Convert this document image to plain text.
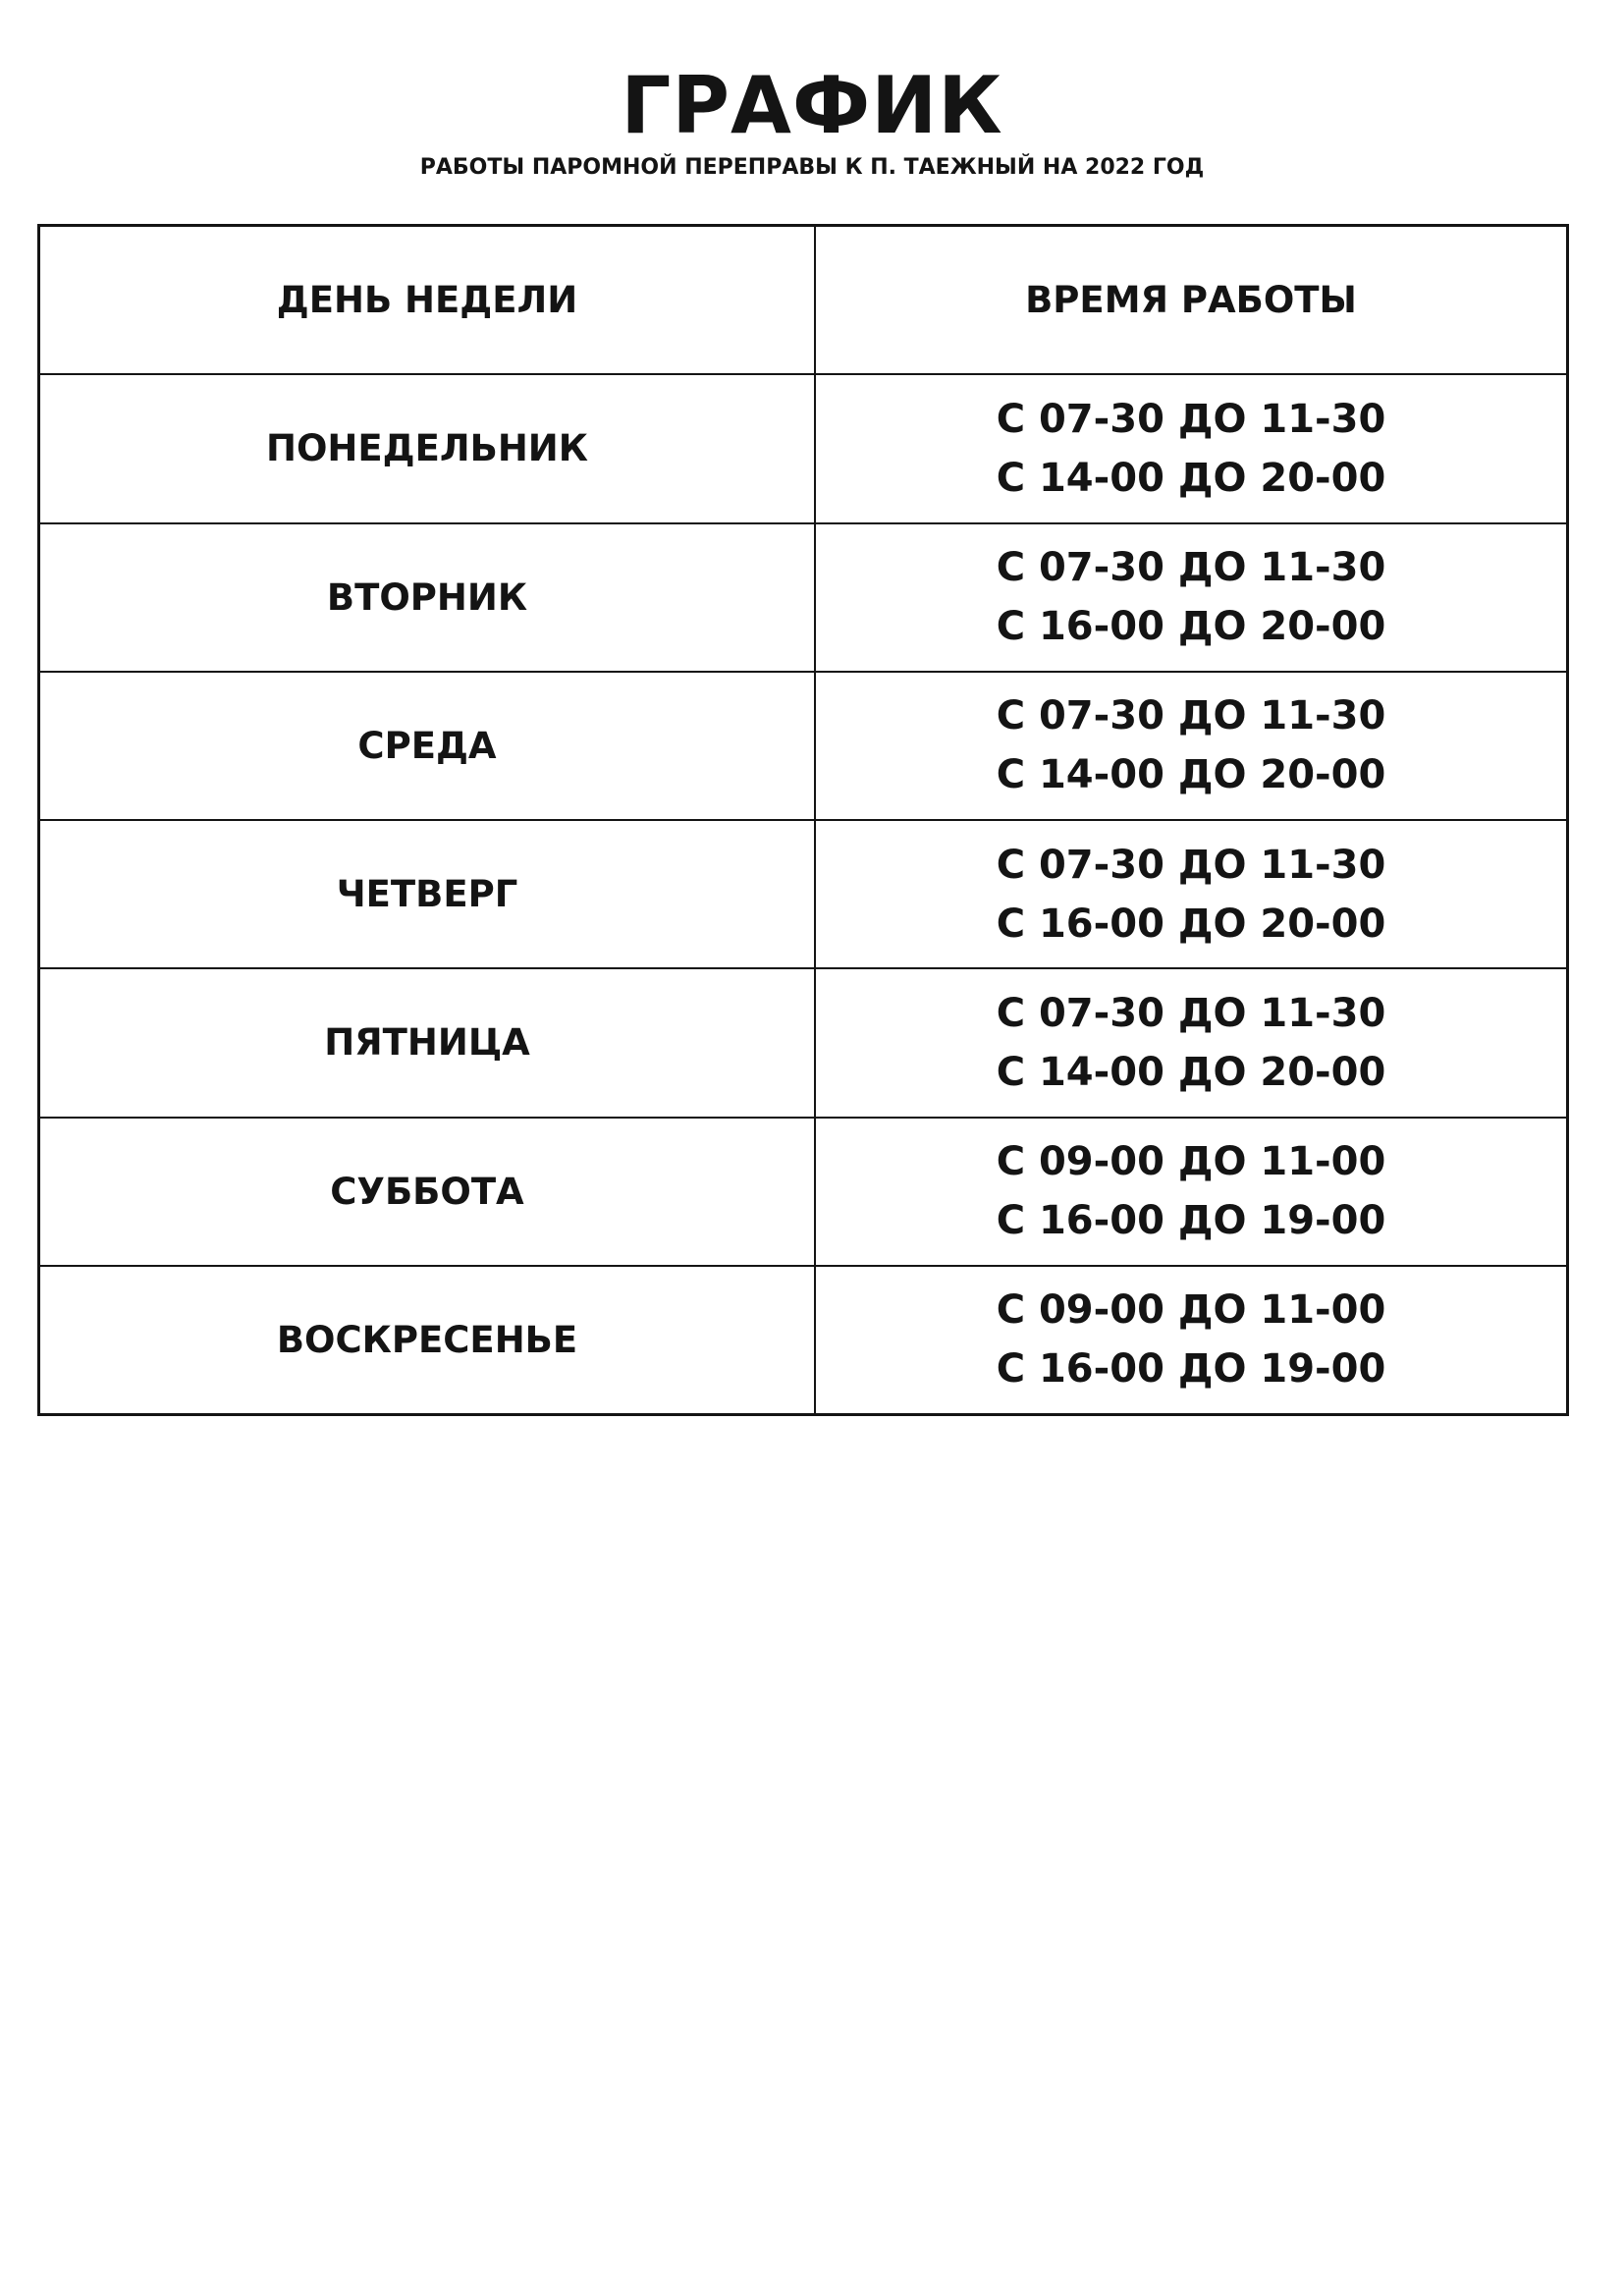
ГРАФИК
РАБОТЫ ПАРОМНОЙ ПЕРЕПРАВЫ К П. ТАЕЖНЫЙ НА 2022 ГОД
ДЕНЬ НЕДЕЛИ	ВРЕМЯ РАБОТЫ
ПОНЕДЕЛЬНИК
С 07-30 ДО 11-30
С 14-00 ДО 20-00
ВТОРНИК
С 07-30 ДО 11-30
С 16-00 ДО 20-00
СРЕДА
С 07-30 ДО 11-30
С 14-00 ДО 20-00
ЧЕТВЕРГ
С 07-30 ДО 11-30
С 16-00 ДО 20-00
ПЯТНИЦА
С 07-30 ДО 11-30
С 14-00 ДО 20-00
СУББОТА
С 09-00 ДО 11-00
С 16-00 ДО 19-00
ВОСКРЕСЕНЬЕ
С 09-00 ДО 11-00
С 16-00 ДО 19-00
